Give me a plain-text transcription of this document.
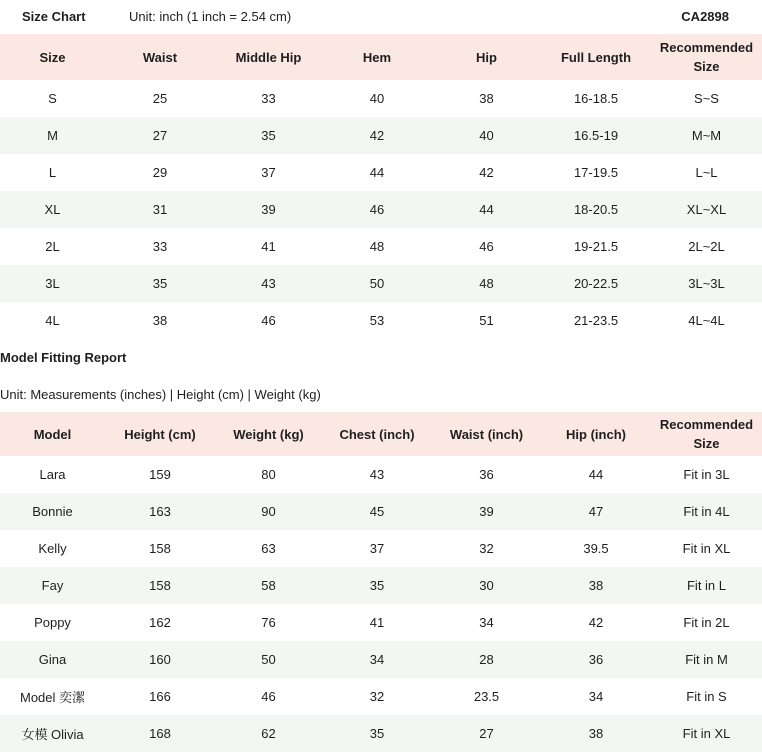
Size Chart	Unit: inch (1 inch = 2.54 cm)	CA2898
Size	Waist	Middle Hip	Hem	Hip	Full Length	Recommended Size
S	25	33	40	38	16-18.5	S~S
M	27	35	42	40	16.5-19	M~M
L	29	37	44	42	17-19.5	L~L
XL	31	39	46	44	18-20.5	XL~XL
2L	33	41	48	46	19-21.5	2L~2L
3L	35	43	50	48	20-22.5	3L~3L
4L	38	46	53	51	21-23.5	4L~4L
Model Fitting Report
Unit: Measurements (inches) | Height (cm) | Weight (kg)
Model	Height (cm)	Weight (kg)	Chest (inch)	Waist (inch)	Hip (inch)	Recommended Size
Lara	159	80	43	36	44	Fit in 3L
Bonnie	163	90	45	39	47	Fit in 4L
Kelly	158	63	37	32	39.5	Fit in XL
Fay	158	58	35	30	38	Fit in L
Poppy	162	76	41	34	42	Fit in 2L
Gina	160	50	34	28	36	Fit in M
Model 奕潔	166	46	32	23.5	34	Fit in S
女模 Olivia	168	62	35	27	38	Fit in XL
